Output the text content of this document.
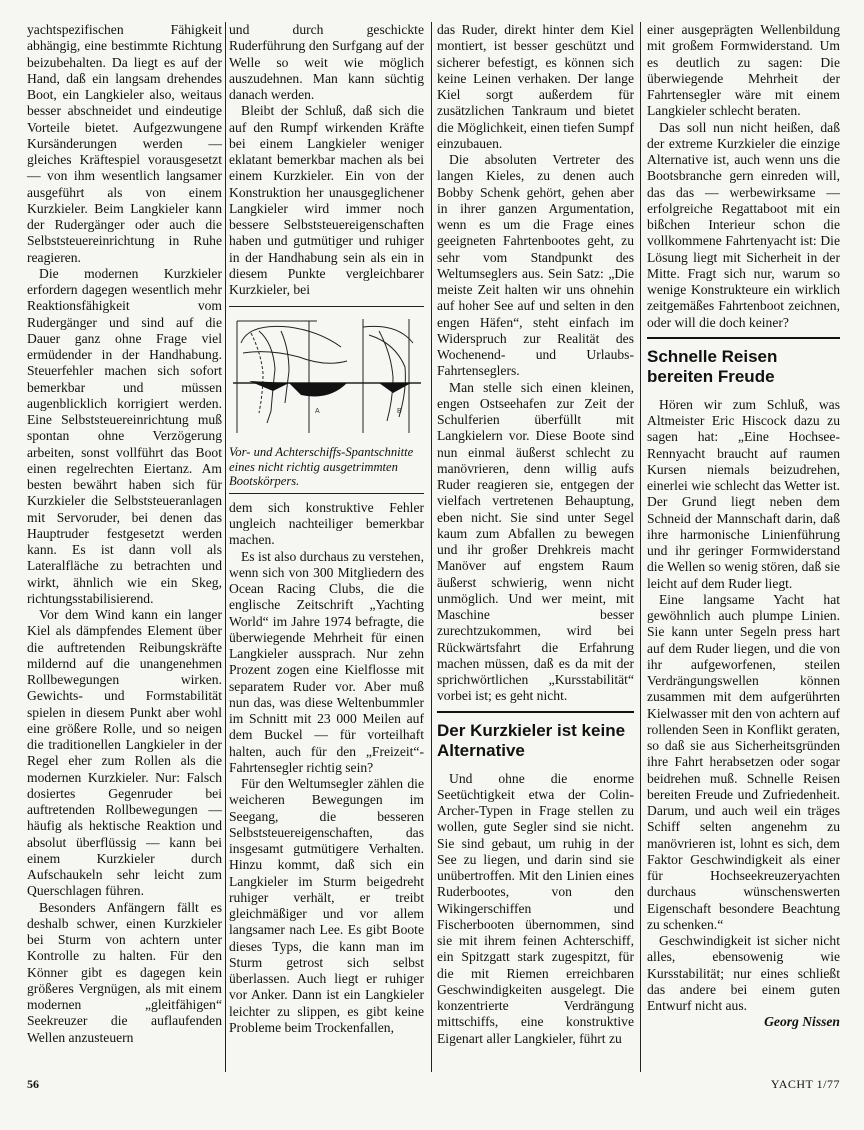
yachtspezifischen Fähigkeit abhängig, eine bestimmte Richtung beizubehalten. Da liegt es auf der Hand, daß ein langsam drehendes Boot, ein Langkieler also, weitaus besser abschneidet und eindeutige Vorteile bietet. Aufgezwungene Kursänderungen werden — gleiches Kräftespiel vorausgesetzt — von ihm wesentlich langsamer ausgeführt als von einem Kurzkieler. Beim Langkieler kann der Rudergänger oder auch die Selbststeuereinrichtung in Ruhe reagieren.

Die modernen Kurzkieler erfordern dagegen wesentlich mehr Reaktionsfähigkeit vom Rudergänger und sind auf die Dauer ganz ohne Frage viel ermüdender in der Handhabung. Steuerfehler machen sich sofort bemerkbar und müssen augenblicklich korrigiert werden. Eine Selbststeuereinrichtung muß spontan ohne Verzögerung arbeiten, sonst vollführt das Boot einen regelrechten Eiertanz. Am besten bewährt haben sich für Kurzkieler die Selbststeueranlagen mit Servoruder, bei denen das Hauptruder festgesetzt werden kann. Es ist dann voll als Lateralfläche zu betrachten und wirkt, ähnlich wie ein Skeg, richtungsstabilisierend.

Vor dem Wind kann ein langer Kiel als dämpfendes Element über die auftretenden Reibungskräfte mildernd auf die unangenehmen Rollbewegungen wirken. Gewichts- und Formstabilität spielen in diesem Punkt aber wohl eine größere Rolle, und so neigen die traditionellen Langkieler in der Regel eher zum Rollen als die modernen Kurzkieler. Nur: Falsch dosiertes Gegenruder bei auftretenden Rollbewegungen — häufig als hektische Reaktion und absolut überflüssig — kann bei einem Kurzkieler durch Aufschaukeln sehr leicht zum Querschlagen führen.

Besonders Anfängern fällt es deshalb schwer, einen Kurzkieler bei Sturm von achtern unter Kontrolle zu halten. Für den Könner gibt es dagegen kein größeres Vergnügen, als mit einem modernen „gleitfähigen“ Seekreuzer die auflaufenden Wellen anzusteuern

und durch geschickte Ruderführung den Surfgang auf der Welle so weit wie möglich auszudehnen. Man kann süchtig danach werden.

Bleibt der Schluß, daß sich die auf den Rumpf wirkenden Kräfte bei einem Langkieler weniger eklatant bemerkbar machen als bei einem Kurzkieler. Ein von der Konstruktion her unausgeglichener Langkieler wird immer noch bessere Selbststeuereigenschaften haben und gutmütiger und ruhiger in der Handhabung sein als ein in diesem Punkte vergleichbarer Kurzkieler, bei

A	B
Vor- und Achterschiffs-Spantschnitte eines nicht richtig ausgetrimmten Bootskörpers.

dem sich konstruktive Fehler ungleich nachteiliger bemerkbar machen.

Es ist also durchaus zu verstehen, wenn sich von 300 Mitgliedern des Ocean Racing Clubs, die die englische Zeitschrift „Yachting World“ im Jahre 1974 befragte, die überwiegende Mehrheit für einen Langkieler aussprach. Nur zehn Prozent zogen eine Kielflosse mit separatem Ruder vor. Aber muß nun das, was diese Weltenbummler im Schnitt mit 23 000 Meilen auf dem Buckel — für vorteilhaft halten, auch für den „Freizeit“-Fahrtensegler richtig sein?

Für den Weltumsegler zählen die weicheren Bewegungen im Seegang, die besseren Selbststeuereigenschaften, das insgesamt gutmütigere Verhalten. Hinzu kommt, daß sich ein Langkieler im Sturm beigedreht ruhiger verhält, er treibt gleichmäßiger und vor allem langsamer nach Lee. Es gibt Boote dieses Typs, die kann man im Sturm getrost sich selbst überlassen. Auch liegt er ruhiger vor Anker. Dann ist ein Langkieler leichter zu slippen, es gibt keine Probleme beim Trockenfallen,

das Ruder, direkt hinter dem Kiel montiert, ist besser geschützt und sicherer befestigt, es können sich keine Leinen verhaken. Der lange Kiel sorgt außerdem für zusätzlichen Tankraum und bietet die Möglichkeit, einen tiefen Sumpf einzubauen.

Die absoluten Vertreter des langen Kieles, zu denen auch Bobby Schenk gehört, gehen aber in ihrer ganzen Argumentation, wenn es um die Frage eines geeigneten Fahrtenbootes geht, zu sehr vom Standpunkt des Weltumseglers aus. Sein Satz: „Die meiste Zeit halten wir uns ohnehin auf hoher See auf und selten in den engen Häfen“, steht einfach im Widerspruch zur Realität des Wochenend- und Urlaubs-Fahrtenseglers.

Man stelle sich einen kleinen, engen Ostseehafen zur Zeit der Schulferien überfüllt mit Langkielern vor. Diese Boote sind nun einmal äußerst schlecht zu manövrieren, denn willig aufs Ruder reagieren sie, entgegen der vielfach vertretenen Behauptung, eben nicht. Sie sind unter Segel kaum zum Abfallen zu bewegen und ihr großer Drehkreis macht Manöver auf engstem Raum äußerst schwierig, wenn nicht unmöglich. Und wer meint, mit Maschine besser zurechtzukommen, wird bei Rückwärtsfahrt die Erfahrung machen müssen, daß es da mit der sprichwörtlichen „Kursstabilität“ vorbei ist; es geht nicht.

Der Kurzkieler ist keine Alternative

Und ohne die enorme Seetüchtigkeit etwa der Colin-Archer-Typen in Frage stellen zu wollen, gute Segler sind sie nicht. Sie sind gebaut, um ruhig in der See zu liegen, und darin sind sie unübertroffen. Mit den Linien eines Ruderbootes, von den Wikingerschiffen und Fischerbooten übernommen, sind sie mit ihrem feinen Achterschiff, ein Spitzgatt stark zugespitzt, für die mit Riemen erreichbaren Geschwindigkeiten ausgelegt. Die konzentrierte Verdrängung mittschiffs, eine konstruktive Eigenart aller Langkieler, führt zu

einer ausgeprägten Wellenbildung mit großem Formwiderstand. Um es deutlich zu sagen: Die überwiegende Mehrheit der Fahrtensegler wäre mit einem Langkieler schlecht beraten.

Das soll nun nicht heißen, daß der extreme Kurzkieler die einzige Alternative ist, auch wenn uns die Bootsbranche gern einreden will, das das — werbewirksame — erfolgreiche Regattaboot mit ein bißchen Interieur schon die vollkommene Fahrtenyacht ist: Die Lösung liegt mit Sicherheit in der Mitte. Fragt sich nur, warum so wenige Konstrukteure ein wirklich zeitgemäßes Fahrtenboot zeichnen, oder will die doch keiner?

Schnelle Reisen bereiten Freude

Hören wir zum Schluß, was Altmeister Eric Hiscock dazu zu sagen hat: „Eine Hochsee-Rennyacht braucht auf raumen Kursen niemals beizudrehen, einerlei wie schlecht das Wetter ist. Der Grund liegt neben dem Schneid der Mannschaft darin, daß ihre harmonische Linienführung und ihr geringer Formwiderstand die Wellen so wenig stören, daß sie leicht auf dem Ruder liegt.

Eine langsame Yacht hat gewöhnlich auch plumpe Linien. Sie kann unter Segeln press hart auf dem Ruder liegen, und die von ihr aufgeworfenen, steilen Verdrängungswellen können zusammen mit dem aufgerührten Kielwasser mit den von achtern auf rollenden Seen in Konflikt geraten, so daß sie aus Sicherheitsgründen ihre Fahrt herabsetzen oder sogar beidrehen muß. Schnelle Reisen bereiten Freude und Zufriedenheit. Darum, und auch weil ein träges Schiff selten angenehm zu manövrieren ist, lohnt es sich, dem Faktor Geschwindigkeit als einer für Hochseekreuzeryachten durchaus wünschenswerten Eigenschaft besondere Beachtung zu schenken.“

Geschwindigkeit ist sicher nicht alles, ebensowenig wie Kursstabilität; nur eines schließt das andere bei einem guten Entwurf nicht aus.

Georg Nissen
56	YACHT 1/77
